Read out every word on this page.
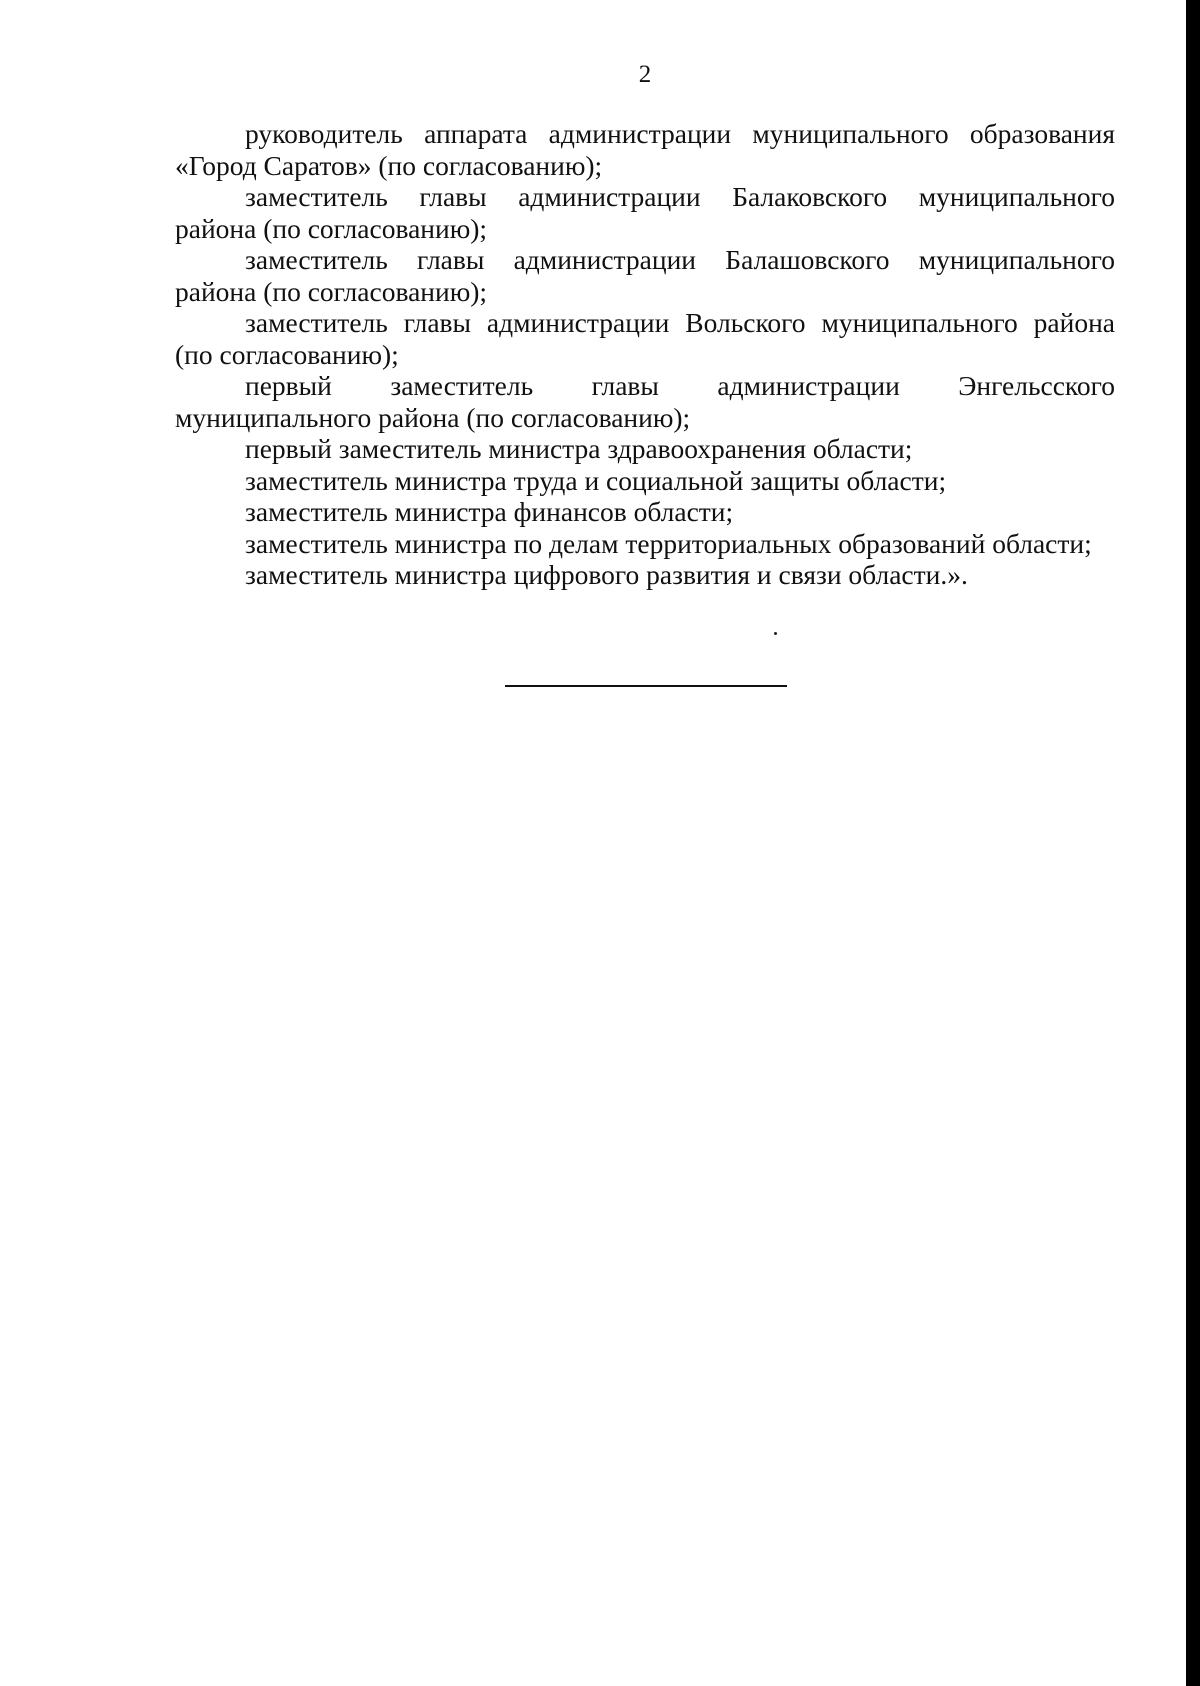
2

руководитель аппарата администрации муниципального образования
«Город Саратов» (по согласованию);

заместитель главы администрации Балаковского муниципального
района (по согласованию);

заместитель главы администрации Балашовского муниципального
района (по согласованию);

заместитель главы администрации Вольского муниципального района
(по согласованию);

первый заместитель главы администрации Энгельсского
муниципального района (по согласованию);

первый заместитель министра здравоохранения области;

заместитель министра труда и социальной защиты области;

заместитель министра финансов области;

заместитель министра по делам территориальных образований области;

заместитель министра цифрового развития и связи области.».
